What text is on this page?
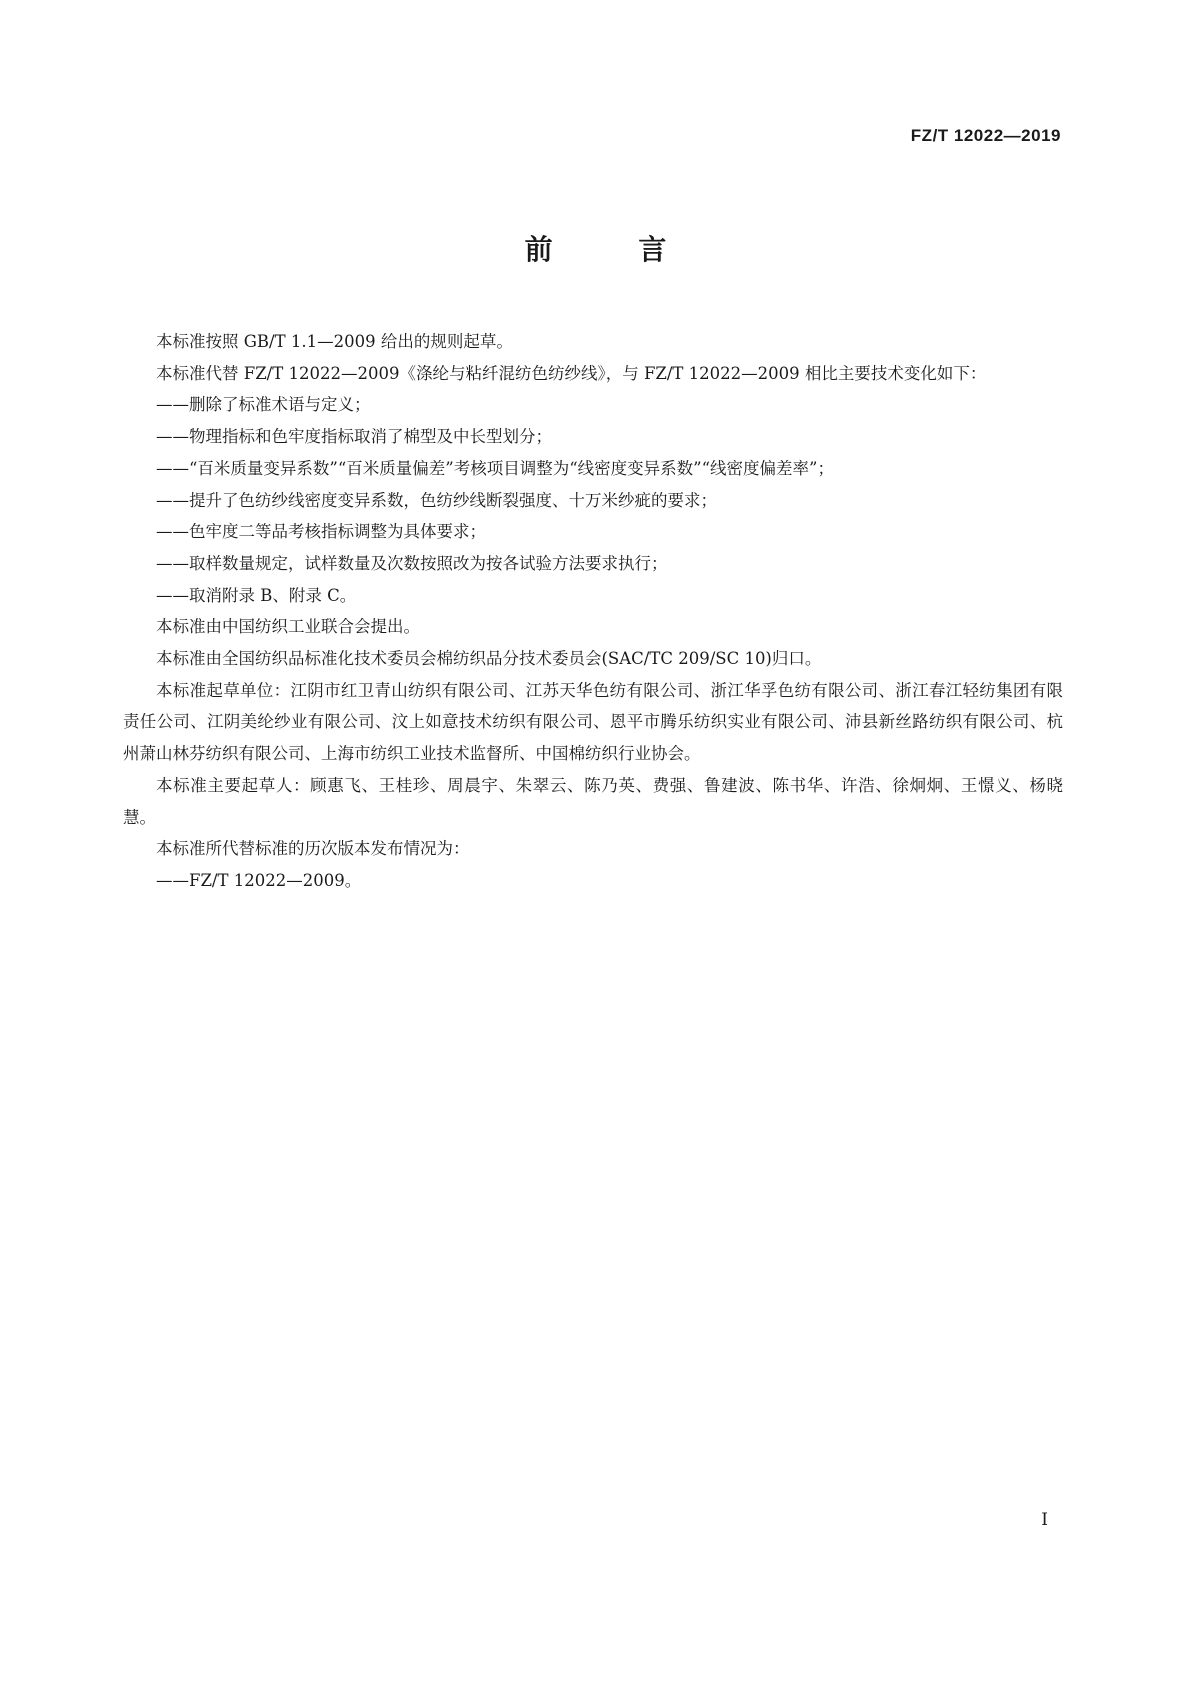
FZ/T 12022—2019
前 言

本标准按照 GB/T 1.1—2009 给出的规则起草。

本标准代替 FZ/T 12022—2009《涤纶与粘纤混纺色纺纱线》，与 FZ/T 12022—2009 相比主要技术变化如下：

——删除了标准术语与定义；

——物理指标和色牢度指标取消了棉型及中长型划分；

——“百米质量变异系数”“百米质量偏差”考核项目调整为“线密度变异系数”“线密度偏差率”；

——提升了色纺纱线密度变异系数，色纺纱线断裂强度、十万米纱疵的要求；

——色牢度二等品考核指标调整为具体要求；

——取样数量规定，试样数量及次数按照改为按各试验方法要求执行；

——取消附录 B、附录 C。

本标准由中国纺织工业联合会提出。

本标准由全国纺织品标准化技术委员会棉纺织品分技术委员会(SAC/TC 209/SC 10)归口。

本标准起草单位：江阴市红卫青山纺织有限公司、江苏天华色纺有限公司、浙江华孚色纺有限公司、浙江春江轻纺集团有限责任公司、江阴美纶纱业有限公司、汶上如意技术纺织有限公司、恩平市腾乐纺织实业有限公司、沛县新丝路纺织有限公司、杭州萧山林芬纺织有限公司、上海市纺织工业技术监督所、中国棉纺织行业协会。

本标准主要起草人：顾惠飞、王桂珍、周晨宇、朱翠云、陈乃英、费强、鲁建波、陈书华、许浩、徐炯炯、王憬义、杨晓慧。

本标准所代替标准的历次版本发布情况为：

——FZ/T 12022—2009。

I
